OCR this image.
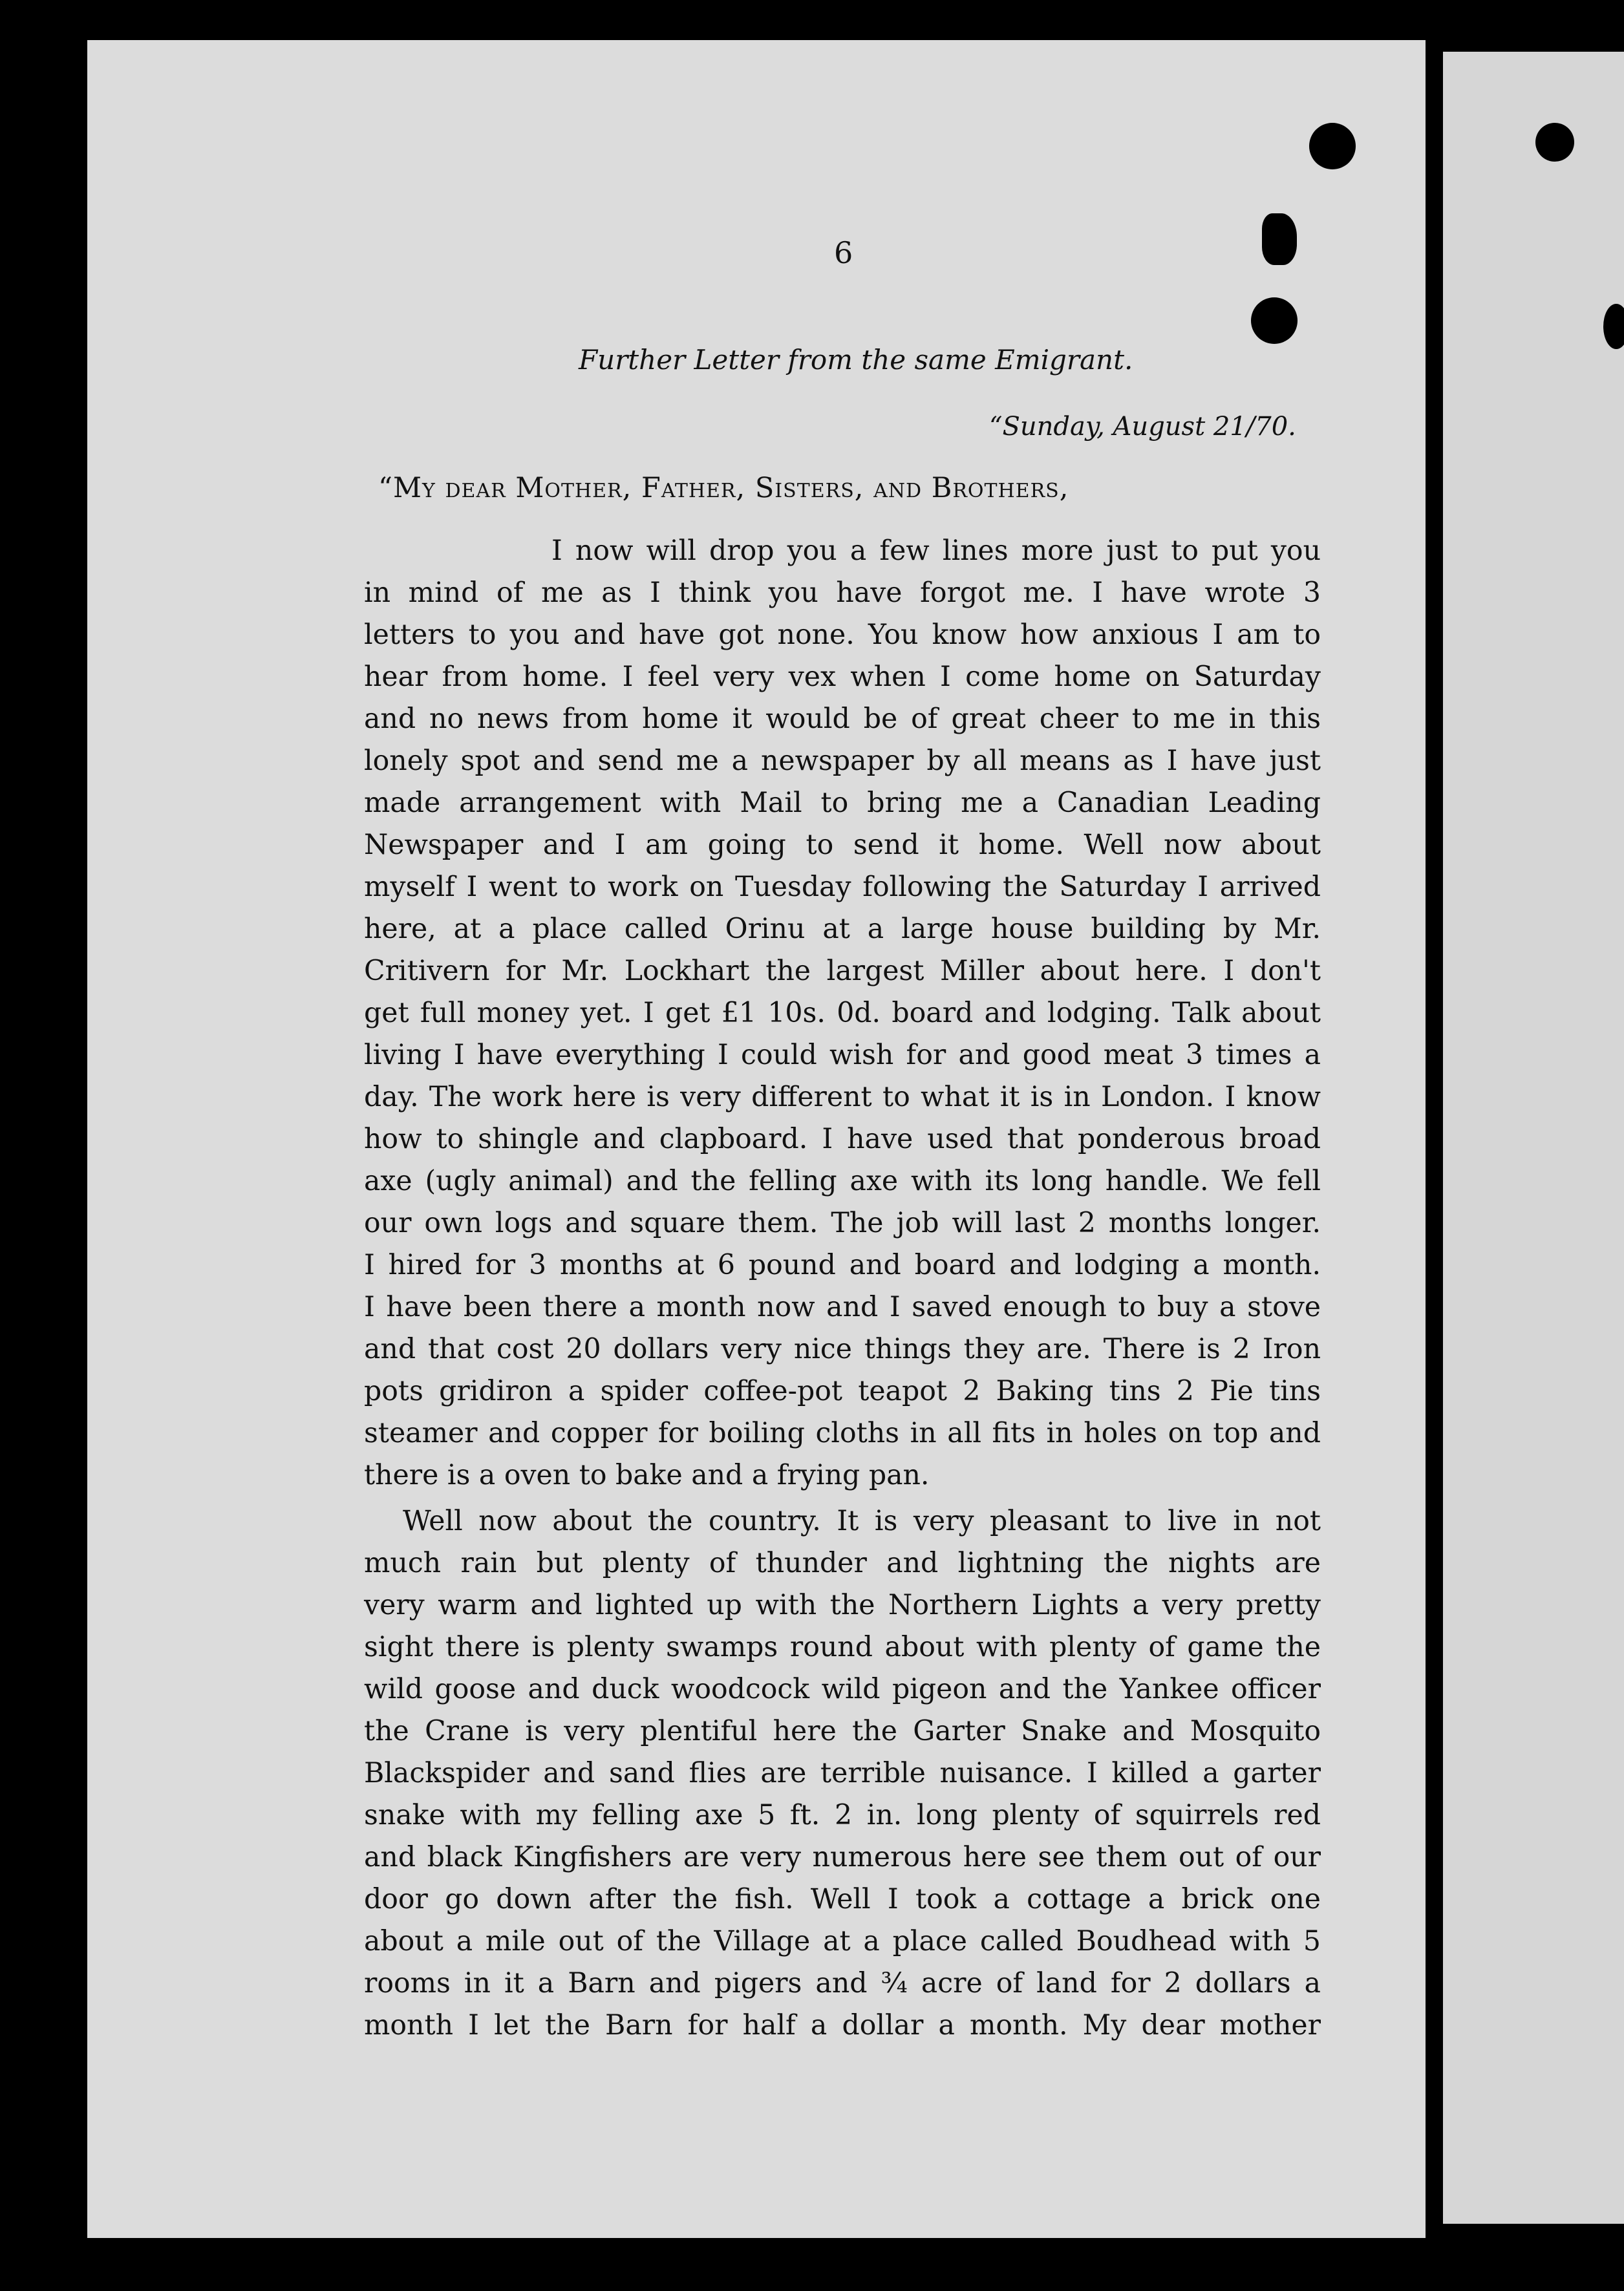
6
Further Letter from the same Emigrant.
“Sunday, August 21/70.
“My dear Mother, Father, Sisters, and Brothers,
I now will drop you a few lines more just to put you
in mind of me as I think you have forgot me. I have wrote 3
letters to you and have got none. You know how anxious I am to
hear from home. I feel very vex when I come home on Saturday
and no news from home it would be of great cheer to me in this
lonely spot and send me a newspaper by all means as I have just
made arrangement with Mail to bring me a Canadian Leading
Newspaper and I am going to send it home. Well now about
myself I went to work on Tuesday following the Saturday I arrived
here, at a place called Orinu at a large house building by Mr.
Critivern for Mr. Lockhart the largest Miller about here. I don't
get full money yet. I get £1 10s. 0d. board and lodging. Talk about
living I have everything I could wish for and good meat 3 times a
day. The work here is very different to what it is in London. I know
how to shingle and clapboard. I have used that ponderous broad
axe (ugly animal) and the felling axe with its long handle. We fell
our own logs and square them. The job will last 2 months longer.
I hired for 3 months at 6 pound and board and lodging a month.
I have been there a month now and I saved enough to buy a stove
and that cost 20 dollars very nice things they are. There is 2 Iron
pots gridiron a spider coffee-pot teapot 2 Baking tins 2 Pie tins
steamer and copper for boiling cloths in all fits in holes on top and
there is a oven to bake and a frying pan.
Well now about the country. It is very pleasant to live in not
much rain but plenty of thunder and lightning the nights are
very warm and lighted up with the Northern Lights a very pretty
sight there is plenty swamps round about with plenty of game the
wild goose and duck woodcock wild pigeon and the Yankee officer
the Crane is very plentiful here the Garter Snake and Mosquito
Blackspider and sand flies are terrible nuisance. I killed a garter
snake with my felling axe 5 ft. 2 in. long plenty of squirrels red
and black Kingfishers are very numerous here see them out of our
door go down after the fish. Well I took a cottage a brick one
about a mile out of the Village at a place called Boudhead with 5
rooms in it a Barn and pigers and ¾ acre of land for 2 dollars a
month I let the Barn for half a dollar a month. My dear mother
